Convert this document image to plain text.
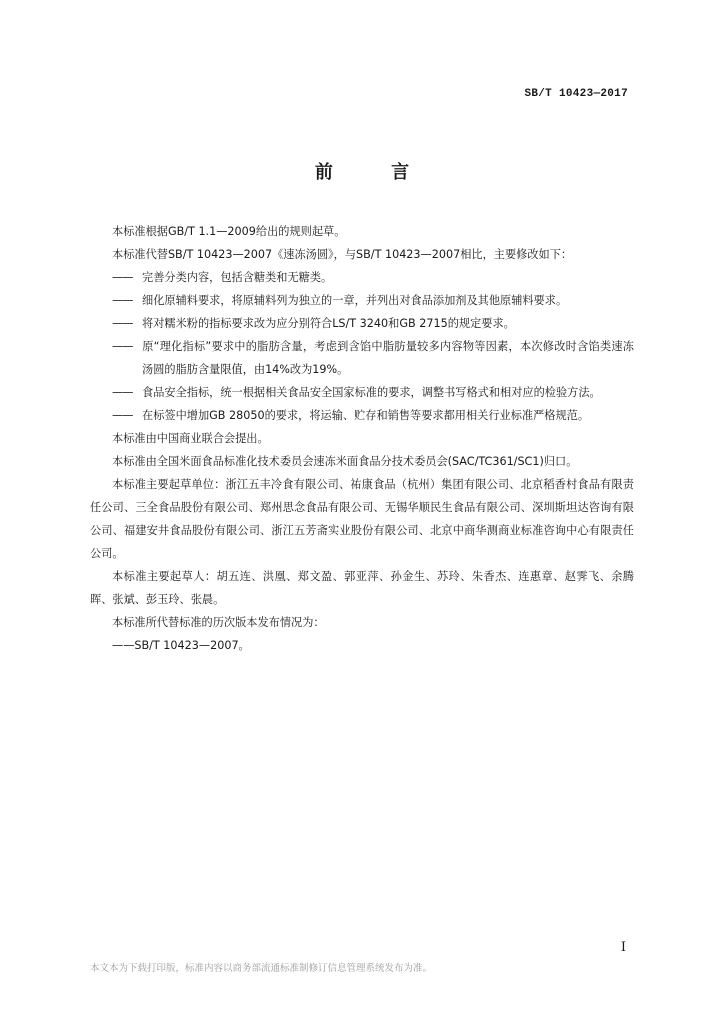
SB/T 10423—2017
前 言

本标准根据GB/T 1.1—2009给出的规则起草。

本标准代替SB/T 10423—2007《速冻汤圆》，与SB/T 10423—2007相比，主要修改如下：

—— 完善分类内容，包括含糖类和无糖类。

—— 细化原辅料要求，将原辅料列为独立的一章，并列出对食品添加剂及其他原辅料要求。

—— 将对糯米粉的指标要求改为应分别符合LS/T 3240和GB 2715的规定要求。

—— 原“理化指标”要求中的脂肪含量，考虑到含馅中脂肪量较多内容物等因素，本次修改时含馅类速冻汤圆的脂肪含量限值，由14%改为19%。

—— 食品安全指标，统一根据相关食品安全国家标准的要求，调整书写格式和相对应的检验方法。

—— 在标签中增加GB 28050的要求，将运输、贮存和销售等要求都用相关行业标准严格规范。

本标准由中国商业联合会提出。

本标准由全国米面食品标准化技术委员会速冻米面食品分技术委员会(SAC/TC361/SC1)归口。

本标准主要起草单位：浙江五丰冷食有限公司、祐康食品（杭州）集团有限公司、北京稻香村食品有限责任公司、三全食品股份有限公司、郑州思念食品有限公司、无锡华顺民生食品有限公司、深圳斯坦达咨询有限公司、福建安井食品股份有限公司、浙江五芳斋实业股份有限公司、北京中商华测商业标准咨询中心有限责任公司。

本标准主要起草人：胡五连、洪凰、郑文盈、郭亚萍、孙金生、苏玲、朱香杰、连惠章、赵霁飞、余腾晖、张斌、彭玉玲、张晨。

本标准所代替标准的历次版本发布情况为：

——SB/T 10423—2007。

I
本文本为下载打印版，标准内容以商务部流通标准制修订信息管理系统发布为准。
